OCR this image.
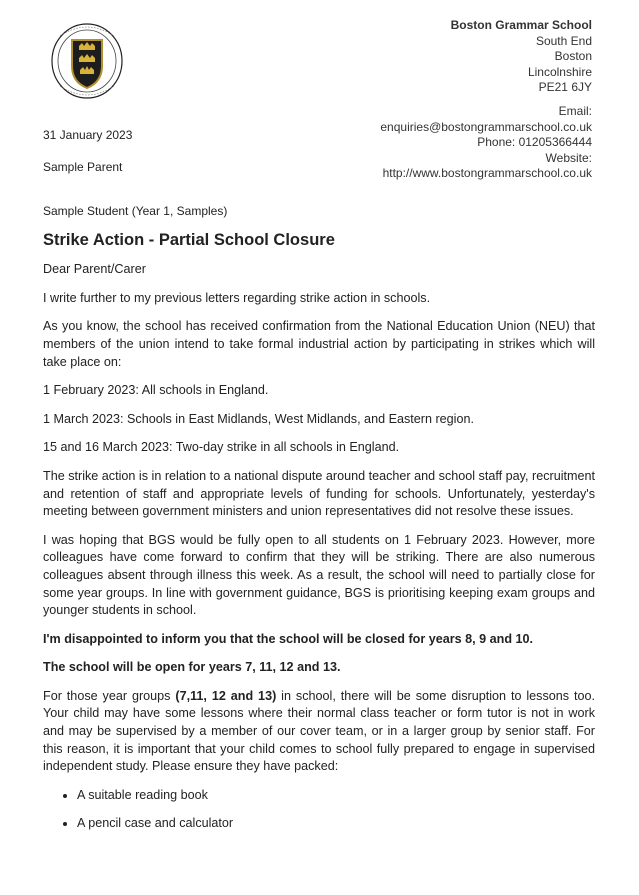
·
Boston Grammar School
South End
Boston
Lincolnshire
PE21 6JY
Email:
enquiries@bostongrammarschool.co.uk
Phone: 01205366444
Website:
http://www.bostongrammarschool.co.uk
31 January 2023
Sample Parent
Sample Student (Year 1, Samples)
Strike Action - Partial School Closure

Dear Parent/Carer

I write further to my previous letters regarding strike action in schools.

As you know, the school has received confirmation from the National Education Union (NEU) that members of the union intend to take formal industrial action by participating in strikes which will take place on:

1 February 2023: All schools in England.

1 March 2023: Schools in East Midlands, West Midlands, and Eastern region.

15 and 16 March 2023: Two-day strike in all schools in England.

The strike action is in relation to a national dispute around teacher and school staff pay, recruitment and retention of staff and appropriate levels of funding for schools. Unfortunately, yesterday's meeting between government ministers and union representatives did not resolve these issues.

I was hoping that BGS would be fully open to all students on 1 February 2023. However, more colleagues have come forward to confirm that they will be striking. There are also numerous colleagues absent through illness this week. As a result, the school will need to partially close for some year groups. In line with government guidance, BGS is prioritising keeping exam groups and younger students in school.

I'm disappointed to inform you that the school will be closed for years 8, 9 and 10.

The school will be open for years 7, 11, 12 and 13.

For those year groups (7,11, 12 and 13) in school, there will be some disruption to lessons too. Your child may have some lessons where their normal class teacher or form tutor is not in work and may be supervised by a member of our cover team, or in a larger group by senior staff. For this reason, it is important that your child comes to school fully prepared to engage in supervised independent study. Please ensure they have packed:

• A suitable reading book
• A pencil case and calculator
